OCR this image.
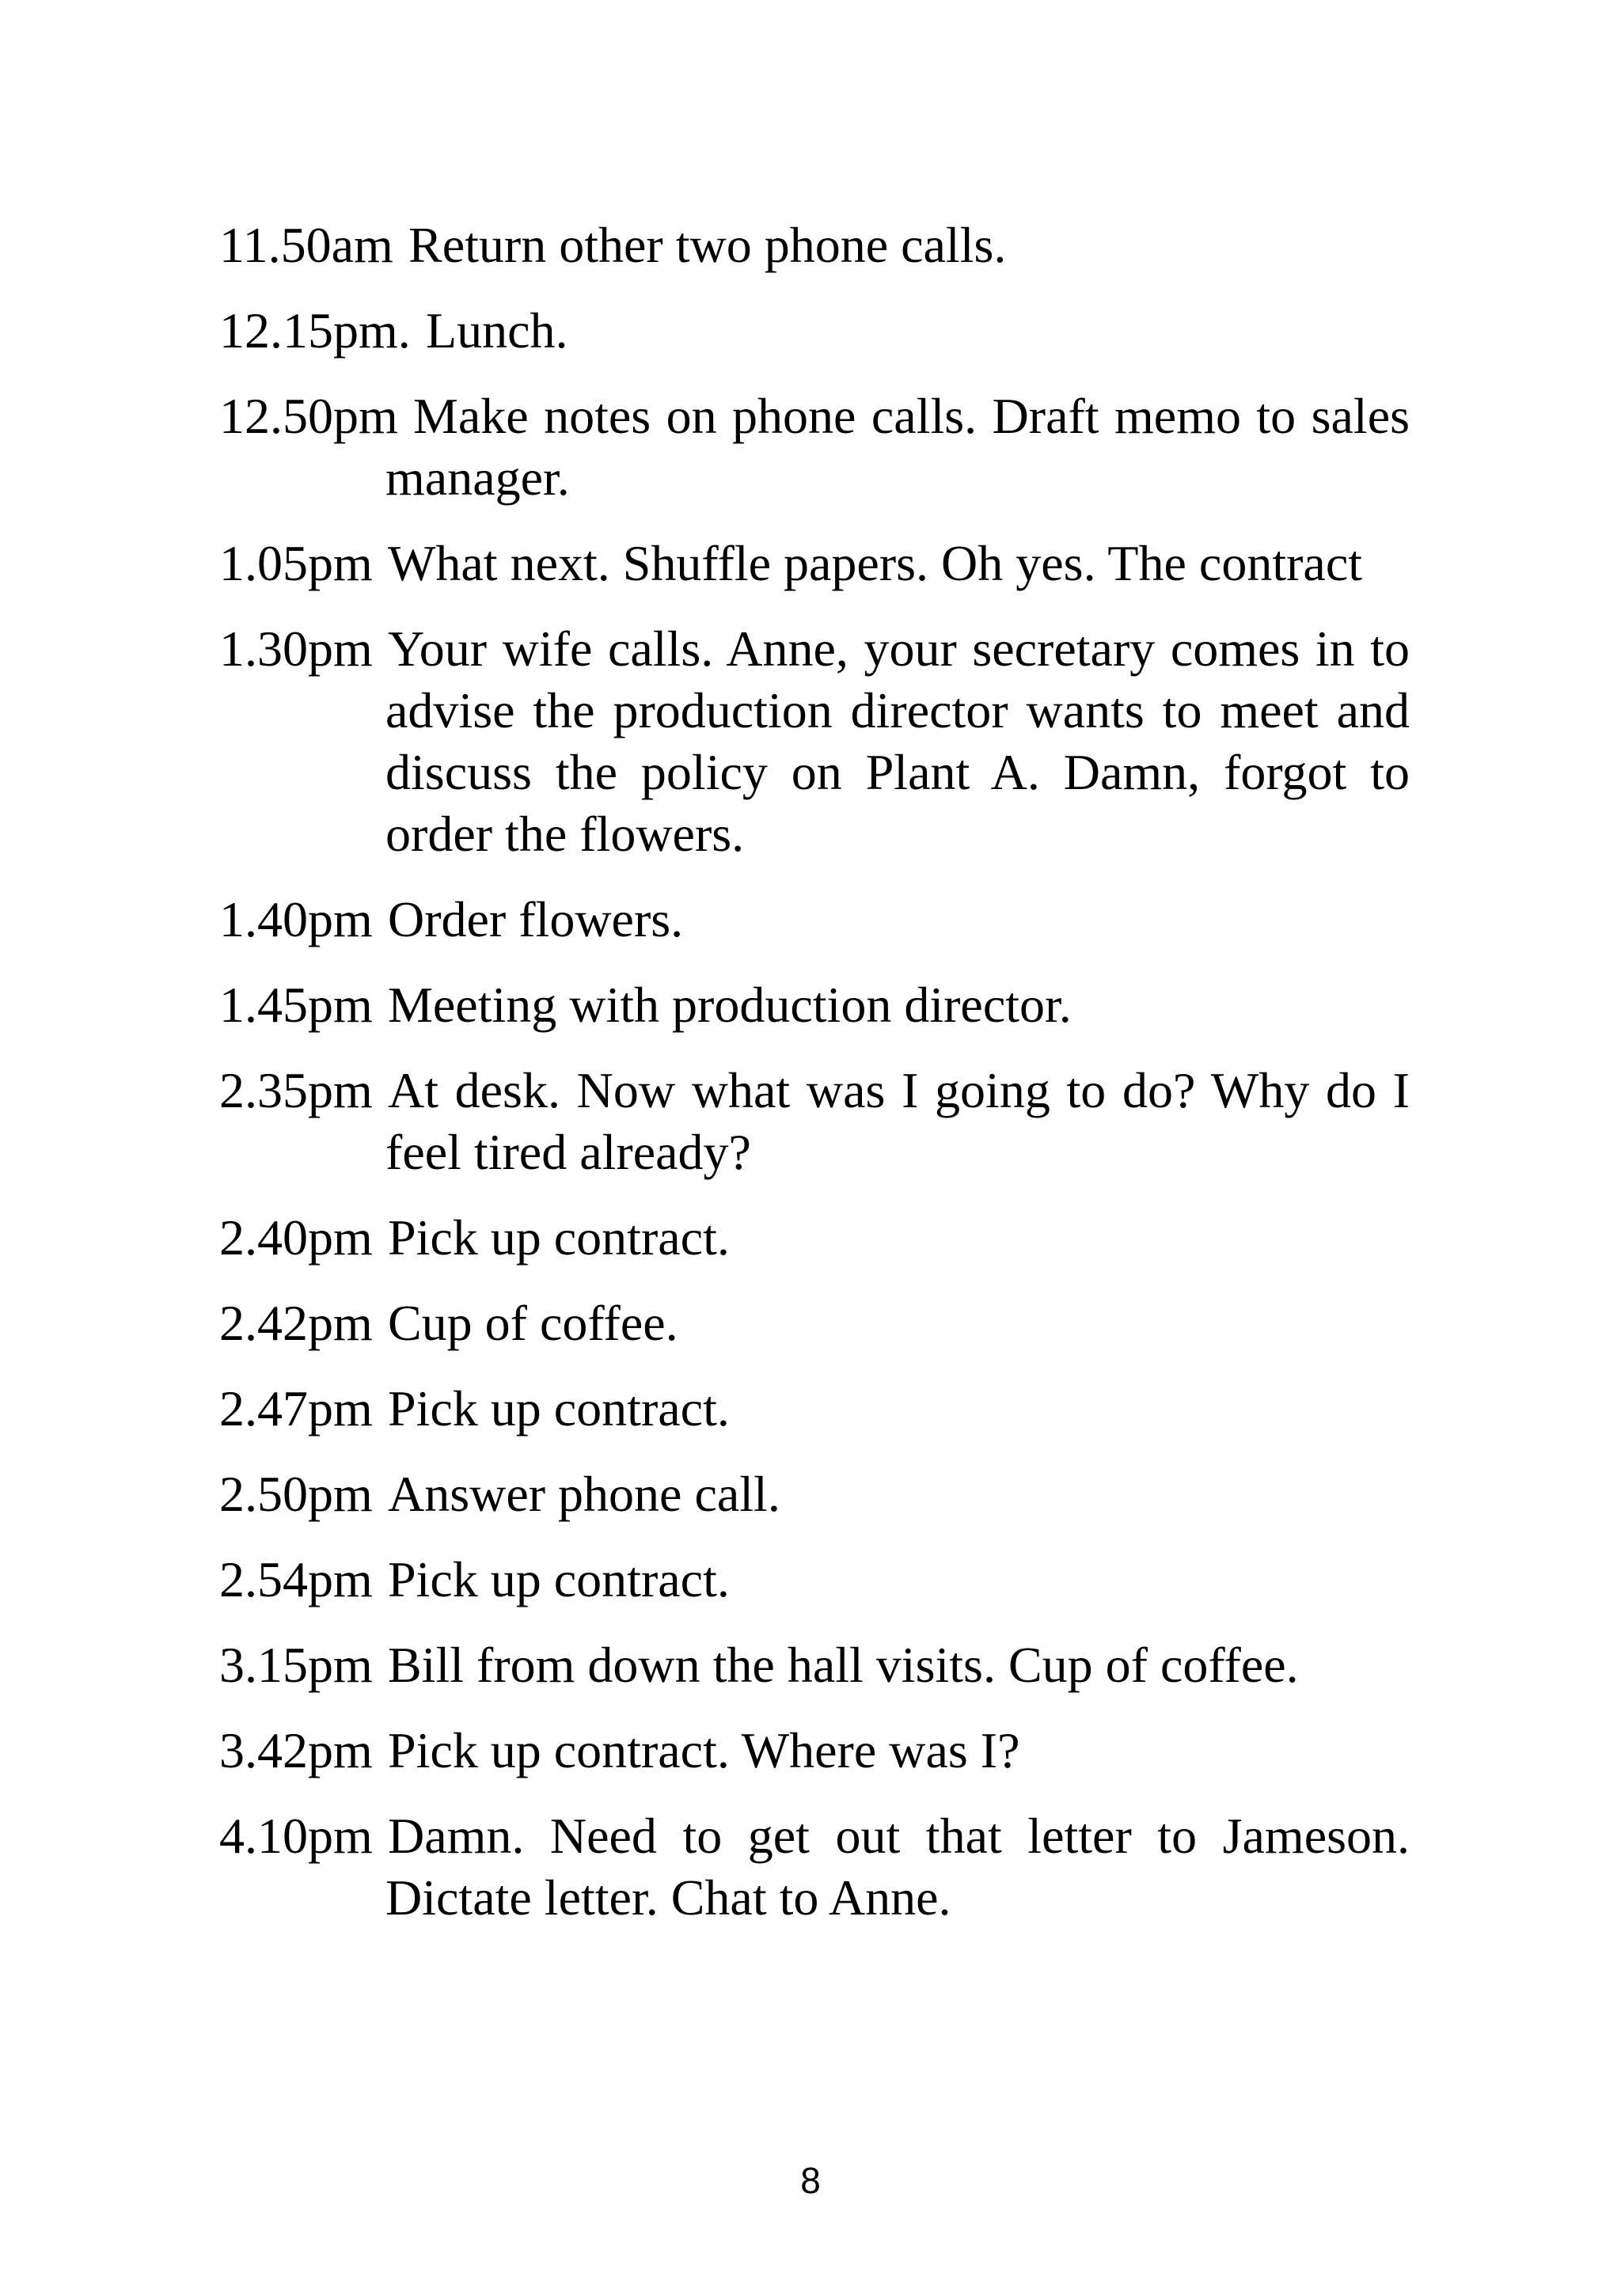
11.50am Return other two phone calls.
12.15pm. Lunch.
12.50pm Make notes on phone calls. Draft memo to sales manager.
1.05pm What next. Shuffle papers. Oh yes. The contract
1.30pm Your wife calls. Anne, your secretary comes in to advise the production director wants to meet and discuss the policy on Plant A. Damn, forgot to order the flowers.
1.40pm Order flowers.
1.45pm Meeting with production director.
2.35pm At desk. Now what was I going to do? Why do I feel tired already?
2.40pm Pick up contract.
2.42pm Cup of coffee.
2.47pm Pick up contract.
2.50pm Answer phone call.
2.54pm Pick up contract.
3.15pm Bill from down the hall visits. Cup of coffee.
3.42pm Pick up contract. Where was I?
4.10pm Damn. Need to get out that letter to Jameson. Dictate letter. Chat to Anne.
8
